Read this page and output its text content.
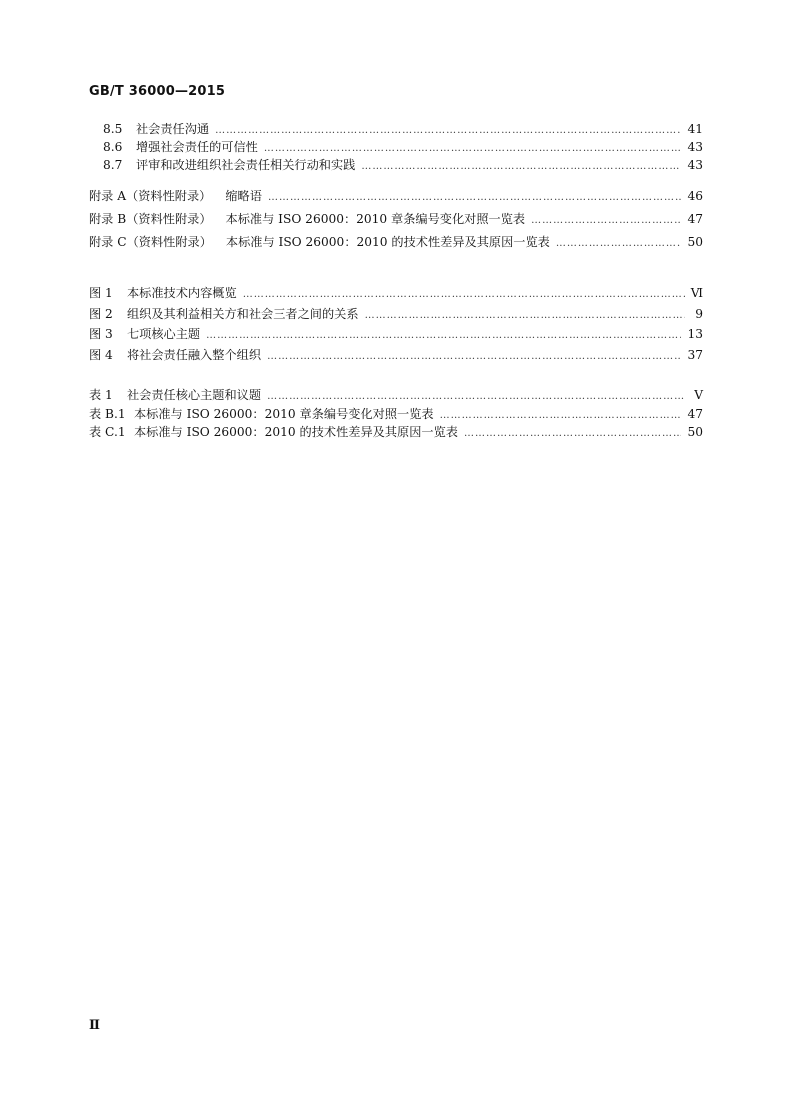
GB/T 36000—2015
8.5	社会责任沟通 ……………………………………………………………………………………………………………………………………………………………………………………	41
8.6	增强社会责任的可信性 ……………………………………………………………………………………………………………………………………………………………………………………	43
8.7	评审和改进组织社会责任相关行动和实践 ……………………………………………………………………………………………………………………………………………………………………………………	43
附录 A（资料性附录） 缩略语 ……………………………………………………………………………………………………………………………………………………………………………………	46
附录 B（资料性附录） 本标准与 ISO 26000：2010 章条编号变化对照一览表 ……………………………………………………………………………………………………………………………………………………………………………………	47
附录 C（资料性附录） 本标准与 ISO 26000：2010 的技术性差异及其原因一览表 ……………………………………………………………………………………………………………………………………………………………………………………	50
图 1	本标准技术内容概览 ……………………………………………………………………………………………………………………………………………………………………………………	Ⅵ
图 2	组织及其利益相关方和社会三者之间的关系 ……………………………………………………………………………………………………………………………………………………………………………………	9
图 3	七项核心主题 ……………………………………………………………………………………………………………………………………………………………………………………	13
图 4	将社会责任融入整个组织 ……………………………………………………………………………………………………………………………………………………………………………………	37
表 1	社会责任核心主题和议题 ……………………………………………………………………………………………………………………………………………………………………………………	Ⅴ
表 B.1 本标准与 ISO 26000：2010 章条编号变化对照一览表 ……………………………………………………………………………………………………………………………………………………………………………………	47
表 C.1 本标准与 ISO 26000：2010 的技术性差异及其原因一览表 ……………………………………………………………………………………………………………………………………………………………………………………	50
Ⅱ
